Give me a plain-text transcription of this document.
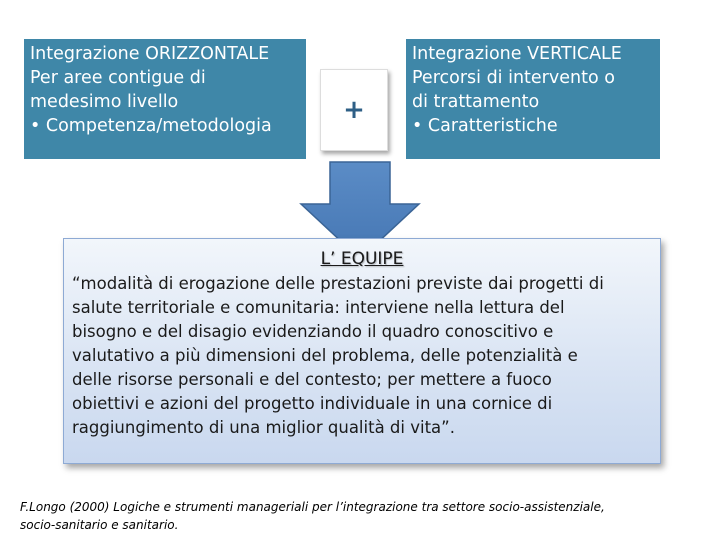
Integrazione ORIZZONTALE
Per aree contigue di
medesimo livello
• Competenza/metodologia
+
Integrazione VERTICALE
Percorsi di intervento o
di trattamento
• Caratteristiche
L’ EQUIPE
“modalità di erogazione delle prestazioni previste dai progetti di
salute territoriale e comunitaria: interviene nella lettura del
bisogno e del disagio evidenziando il quadro conoscitivo e
valutativo a più dimensioni del problema, delle potenzialità e
delle risorse personali e del contesto; per mettere a fuoco
obiettivi e azioni del progetto individuale in una cornice di
raggiungimento di una miglior qualità di vita”.
F.Longo (2000) Logiche e strumenti manageriali per l’integrazione tra settore socio-assistenziale,
socio-sanitario e sanitario.
